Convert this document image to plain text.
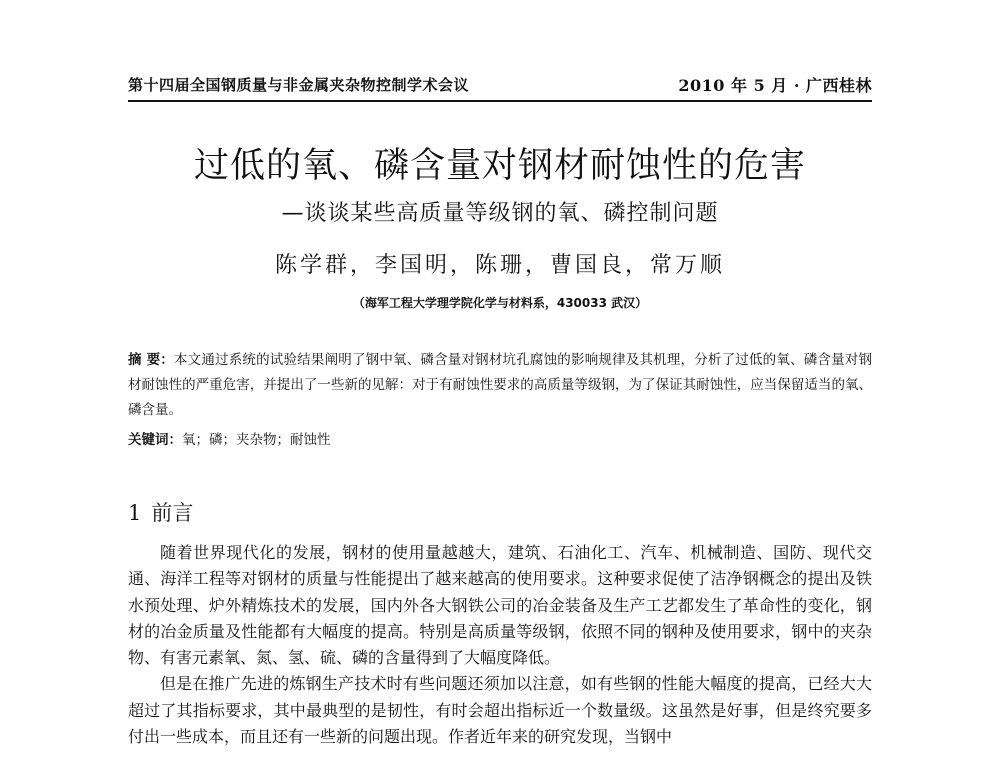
第十四届全国钢质量与非金属夹杂物控制学术会议	2010 年 5 月 · 广西桂林
过低的氧、磷含量对钢材耐蚀性的危害
—谈谈某些高质量等级钢的氧、磷控制问题
陈学群，李国明，陈珊，曹国良，常万顺
（海军工程大学理学院化学与材料系，430033 武汉）
摘 要：本文通过系统的试验结果阐明了钢中氧、磷含量对钢材坑孔腐蚀的影响规律及其机理，分析了过低的氧、磷含量对钢材耐蚀性的严重危害，并提出了一些新的见解：对于有耐蚀性要求的高质量等级钢，为了保证其耐蚀性，应当保留适当的氧、磷含量。
关键词：氧；磷；夹杂物；耐蚀性
1 前言

随着世界现代化的发展，钢材的使用量越越大，建筑、石油化工、汽车、机械制造、国防、现代交通、海洋工程等对钢材的质量与性能提出了越来越高的使用要求。这种要求促使了洁净钢概念的提出及铁水预处理、炉外精炼技术的发展，国内外各大钢铁公司的冶金装备及生产工艺都发生了革命性的变化，钢材的冶金质量及性能都有大幅度的提高。特别是高质量等级钢，依照不同的钢种及使用要求，钢中的夹杂物、有害元素氧、氮、氢、硫、磷的含量得到了大幅度降低。

但是在推广先进的炼钢生产技术时有些问题还须加以注意，如有些钢的性能大幅度的提高，已经大大超过了其指标要求，其中最典型的是韧性，有时会超出指标近一个数量级。这虽然是好事，但是终究要多付出一些成本，而且还有一些新的问题出现。作者近年来的研究发现，当钢中
